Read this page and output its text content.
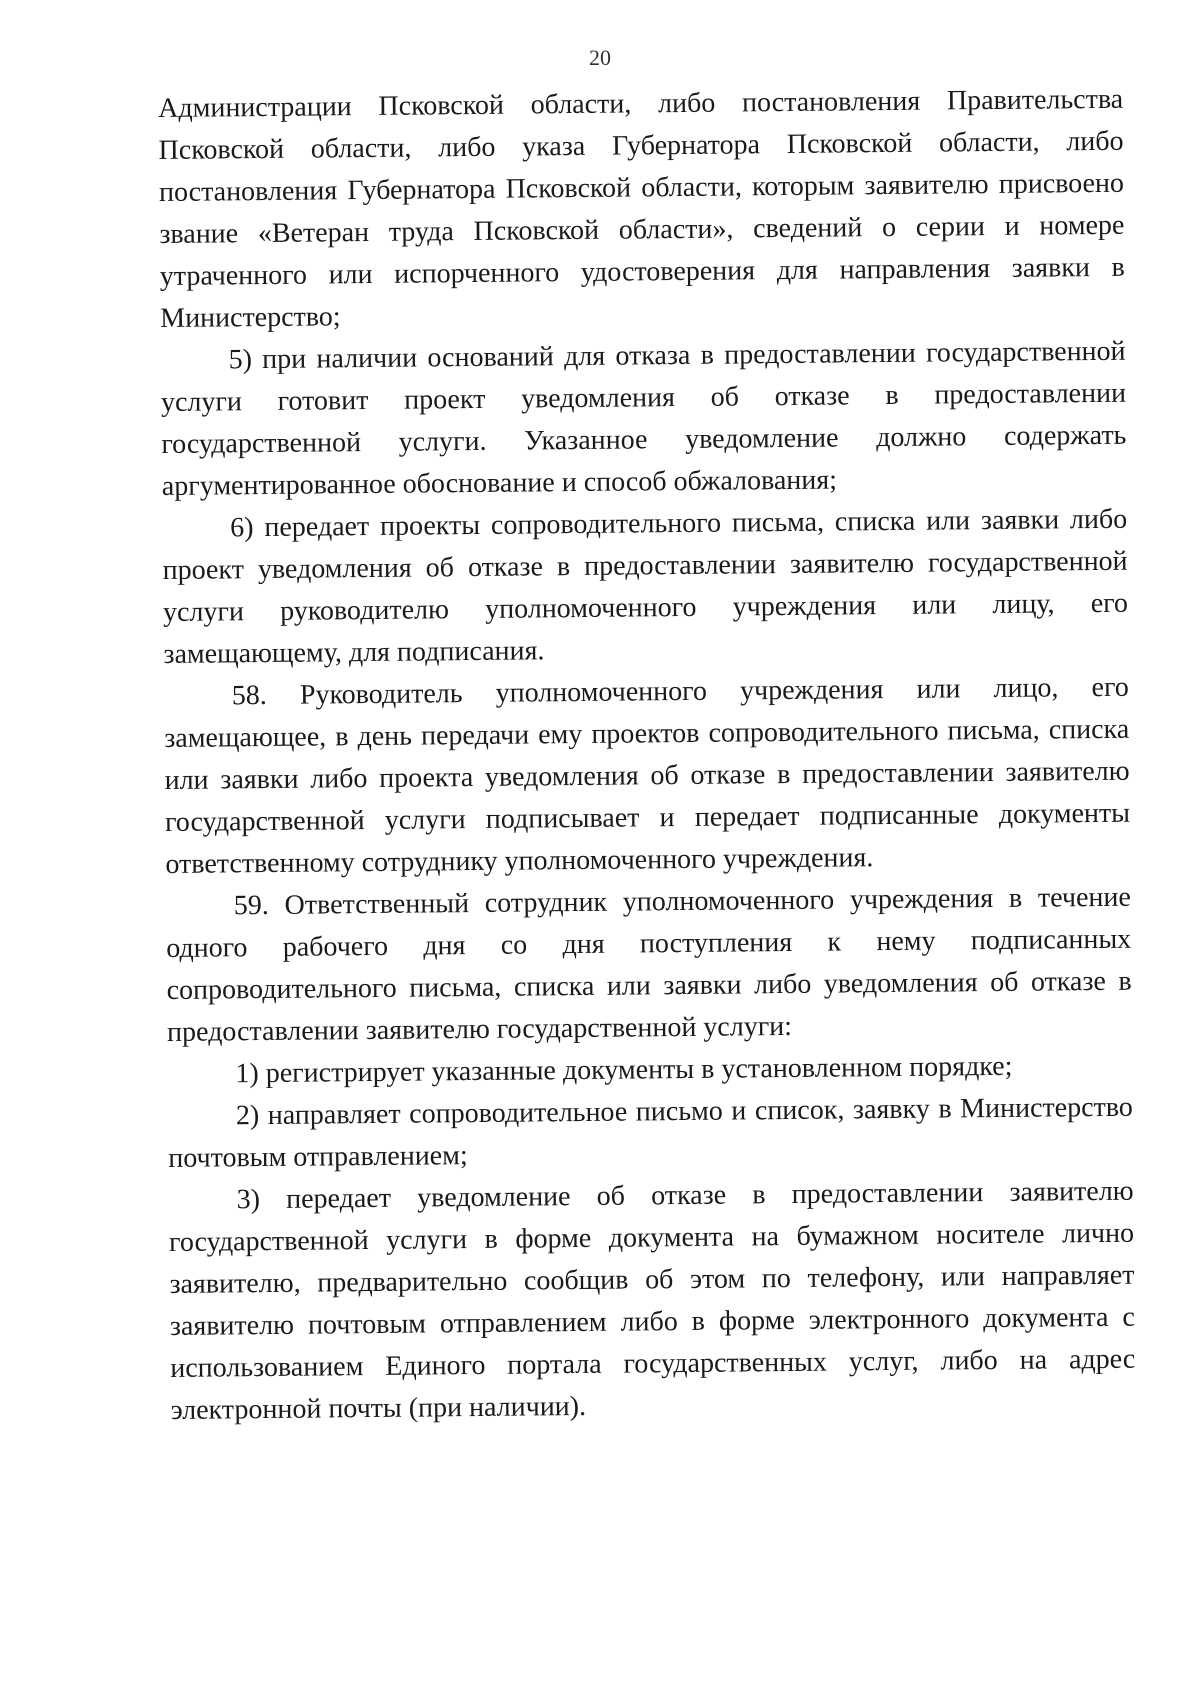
20

Администрации Псковской области, либо постановления Правительства Псковской области, либо указа Губернатора Псковской области, либо постановления Губернатора Псковской области, которым заявителю присвоено звание «Ветеран труда Псковской области», сведений о серии и номере утраченного или испорченного удостоверения для направления заявки в Министерство;

5) при наличии оснований для отказа в предоставлении государственной услуги готовит проект уведомления об отказе в предоставлении государственной услуги. Указанное уведомление должно содержать аргументированное обоснование и способ обжалования;

6) передает проекты сопроводительного письма, списка или заявки либо проект уведомления об отказе в предоставлении заявителю государственной услуги руководителю уполномоченного учреждения или лицу, его замещающему, для подписания.

58. Руководитель уполномоченного учреждения или лицо, его замещающее, в день передачи ему проектов сопроводительного письма, списка или заявки либо проекта уведомления об отказе в предоставлении заявителю государственной услуги подписывает и передает подписанные документы ответственному сотруднику уполномоченного учреждения.

59. Ответственный сотрудник уполномоченного учреждения в течение одного рабочего дня со дня поступления к нему подписанных сопроводительного письма, списка или заявки либо уведомления об отказе в предоставлении заявителю государственной услуги:

1) регистрирует указанные документы в установленном порядке;

2) направляет сопроводительное письмо и список, заявку в Министерство почтовым отправлением;

3) передает уведомление об отказе в предоставлении заявителю государственной услуги в форме документа на бумажном носителе лично заявителю, предварительно сообщив об этом по телефону, или направляет заявителю почтовым отправлением либо в форме электронного документа с использованием Единого портала государственных услуг, либо на адрес электронной почты (при наличии).
